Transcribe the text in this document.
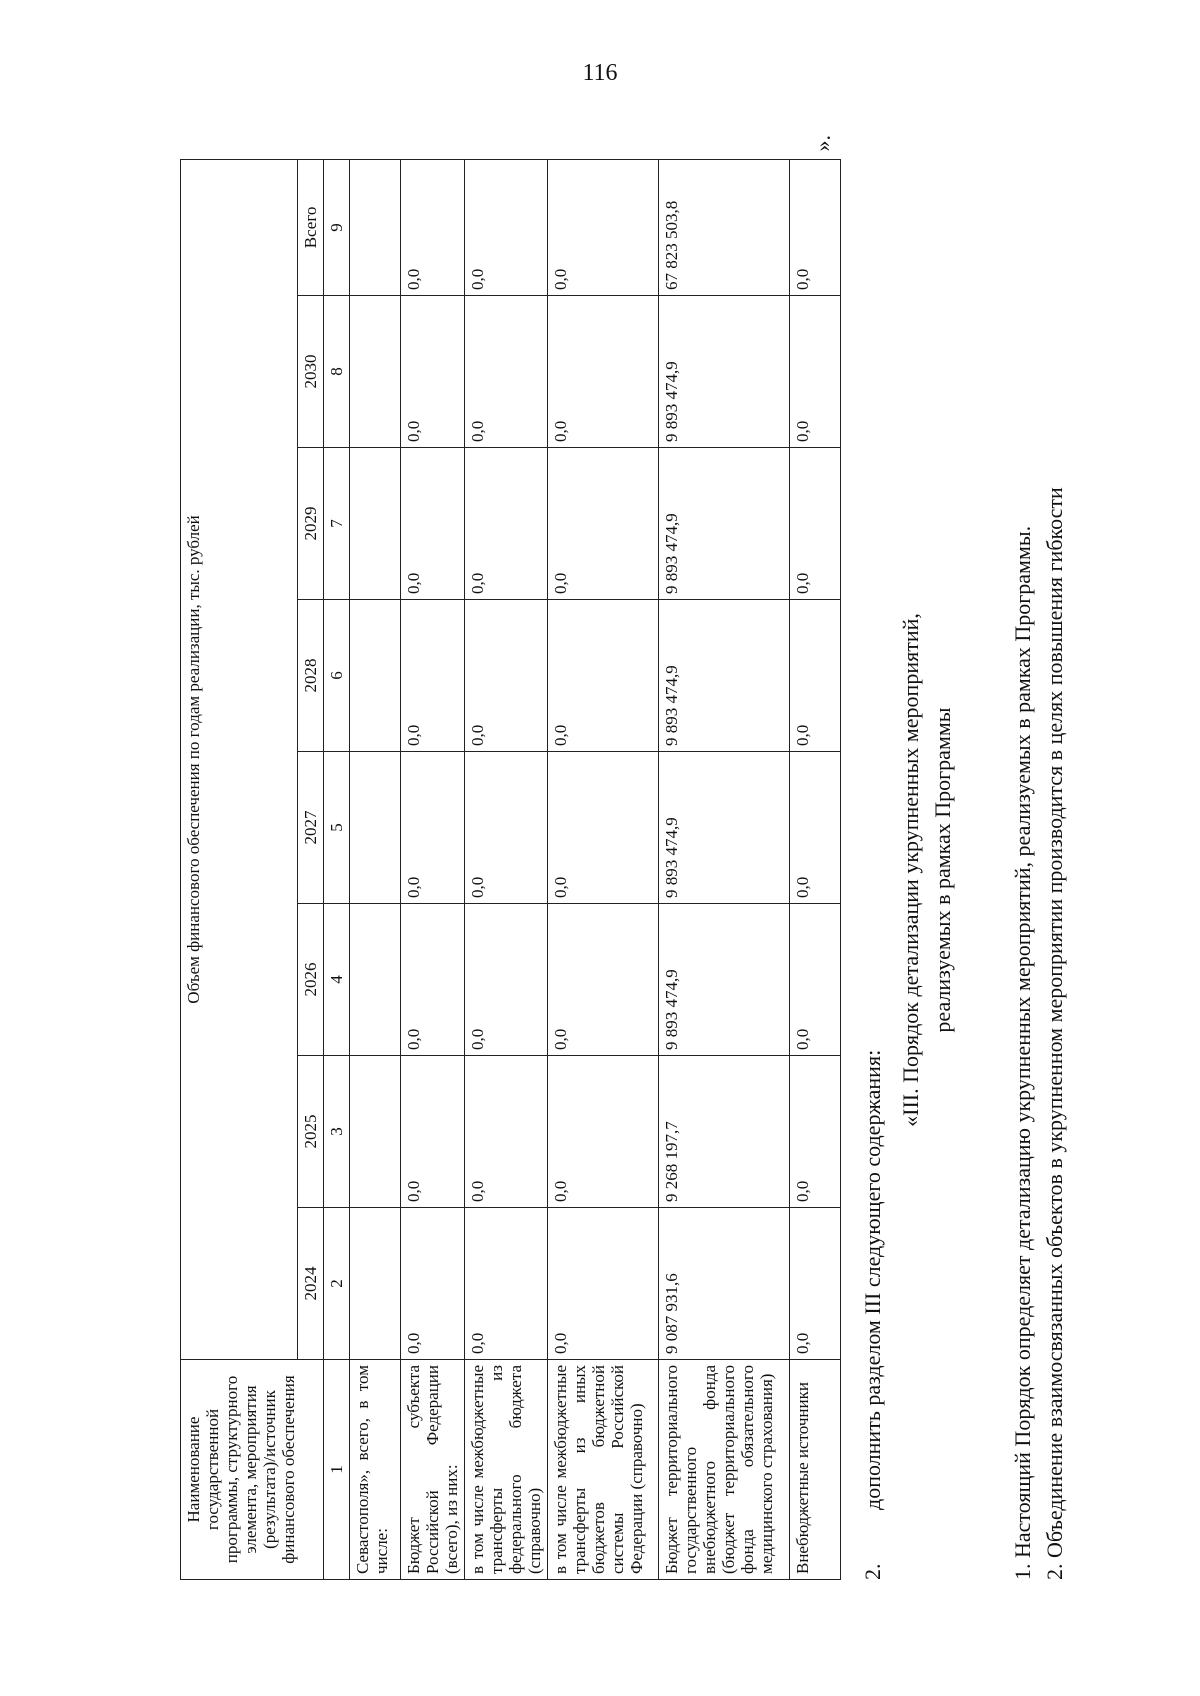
116
Наименование государственной программы, структурного элемента, мероприятия (результата)/источник финансового обеспечения	Объем финансового обеспечения по годам реализации, тыс. рублей							
	2024	2025	2026	2027	2028	2029	2030	Всего
1	2	3	4	5	6	7	8	9
Севастополя», всего, в том числе:								
Бюджет субъекта Российской Федерации (всего), из них:	0,0	0,0	0,0	0,0	0,0	0,0	0,0	0,0
в том числе межбюджетные трансферты из федерального бюджета (справочно)	0,0	0,0	0,0	0,0	0,0	0,0	0,0	0,0
в том числе межбюджетные трансферты из иных бюджетов бюджетной системы Российской Федерации (справочно)	0,0	0,0	0,0	0,0	0,0	0,0	0,0	0,0
Бюджет территориального государственного внебюджетного фонда (бюджет территориального фонда обязательного медицинского страхования)	9 087 931,6	9 268 197,7	9 893 474,9	9 893 474,9	9 893 474,9	9 893 474,9	9 893 474,9	67 823 503,8
Внебюджетные источники	0,0	0,0	0,0	0,0	0,0	0,0	0,0	0,0
».
2.дополнить разделом III следующего содержания:
«III. Порядок детализации укрупненных мероприятий, реализуемых в рамках Программы	1. Настоящий Порядок определяет детализацию укрупненных мероприятий, реализуемых в рамках Программы. 2. Объединение взаимосвязанных объектов в укрупненном мероприятии производится в целях повышения гибкости
